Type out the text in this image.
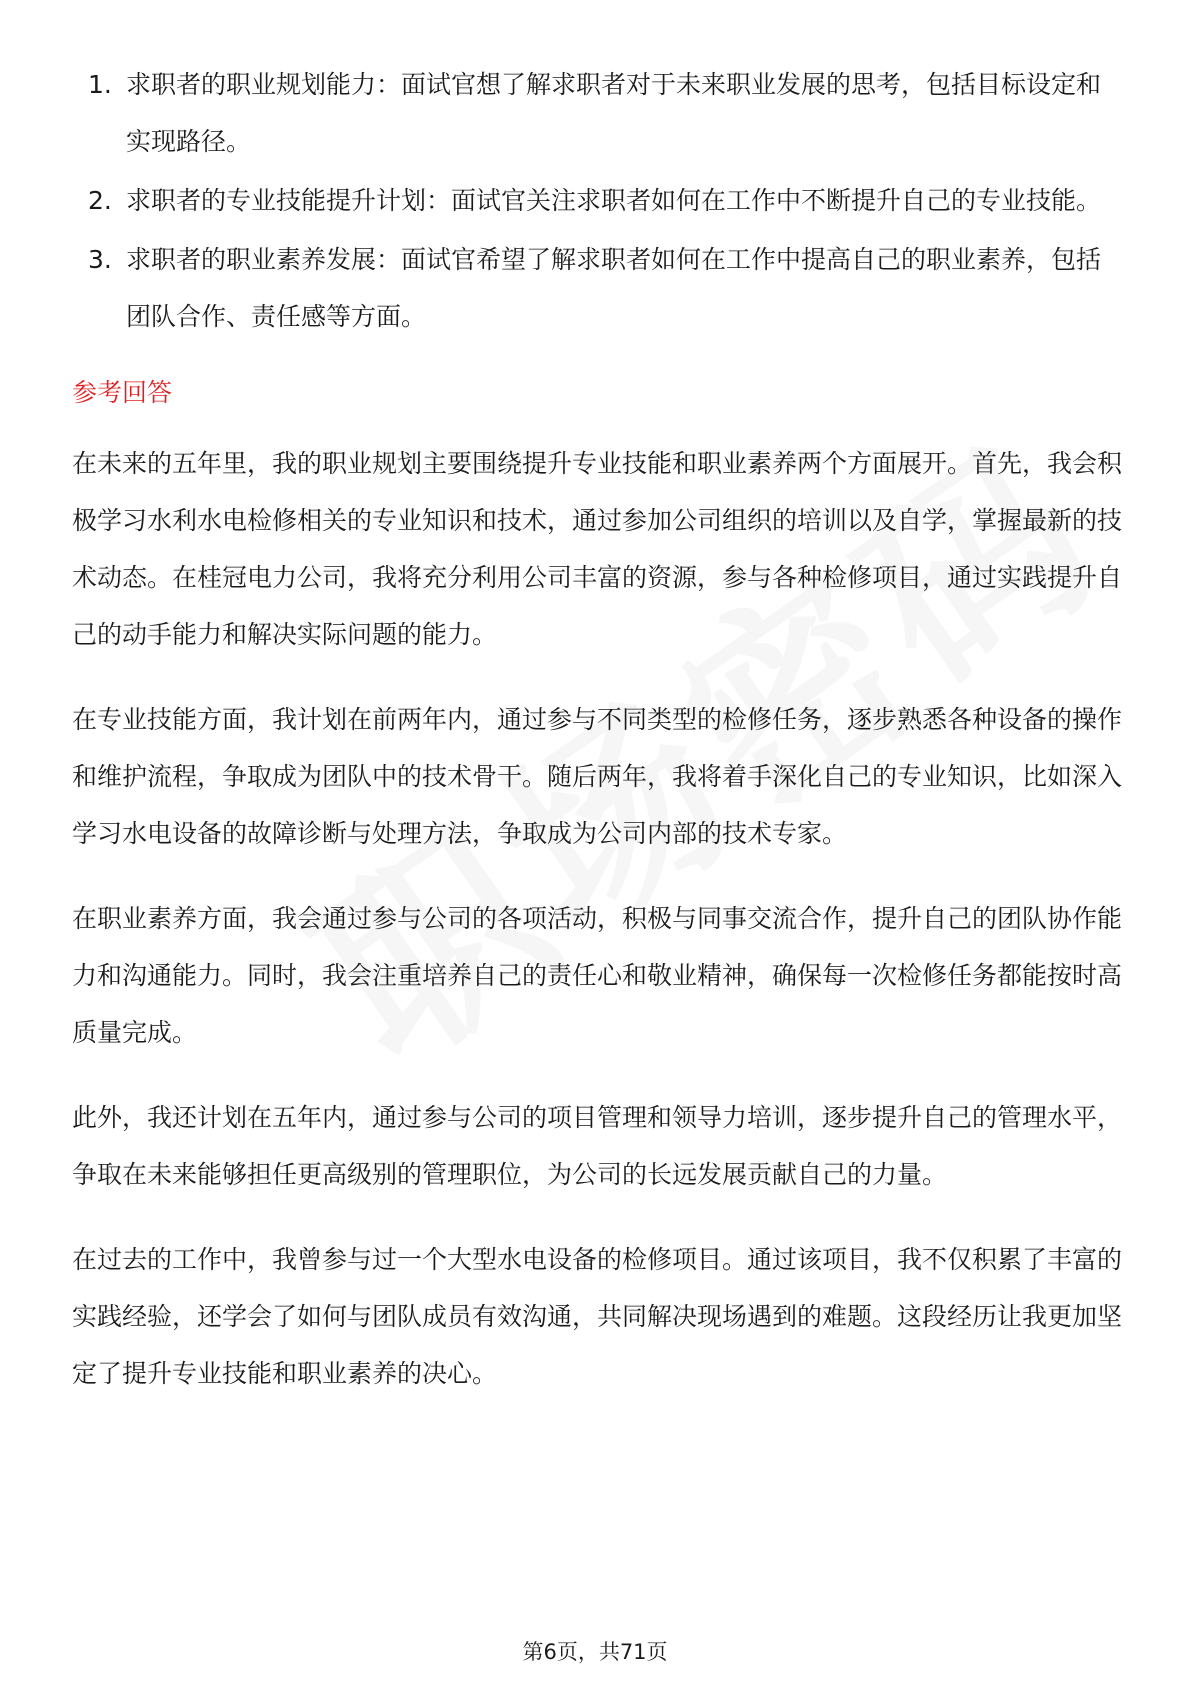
1. 求职者的职业规划能力：面试官想了解求职者对于未来职业发展的思考，包括目标设定和实现路径。
2. 求职者的专业技能提升计划：面试官关注求职者如何在工作中不断提升自己的专业技能。
3. 求职者的职业素养发展：面试官希望了解求职者如何在工作中提高自己的职业素养，包括团队合作、责任感等方面。
参考回答

在未来的五年里，我的职业规划主要围绕提升专业技能和职业素养两个方面展开。首先，我会积极学习水利水电检修相关的专业知识和技术，通过参加公司组织的培训以及自学，掌握最新的技术动态。在桂冠电力公司，我将充分利用公司丰富的资源，参与各种检修项目，通过实践提升自己的动手能力和解决实际问题的能力。

在专业技能方面，我计划在前两年内，通过参与不同类型的检修任务，逐步熟悉各种设备的操作和维护流程，争取成为团队中的技术骨干。随后两年，我将着手深化自己的专业知识，比如深入学习水电设备的故障诊断与处理方法，争取成为公司内部的技术专家。

在职业素养方面，我会通过参与公司的各项活动，积极与同事交流合作，提升自己的团队协作能力和沟通能力。同时，我会注重培养自己的责任心和敬业精神，确保每一次检修任务都能按时高质量完成。

此外，我还计划在五年内，通过参与公司的项目管理和领导力培训，逐步提升自己的管理水平，争取在未来能够担任更高级别的管理职位，为公司的长远发展贡献自己的力量。

在过去的工作中，我曾参与过一个大型水电设备的检修项目。通过该项目，我不仅积累了丰富的实践经验，还学会了如何与团队成员有效沟通，共同解决现场遇到的难题。这段经历让我更加坚定了提升专业技能和职业素养的决心。

第6页，共71页
